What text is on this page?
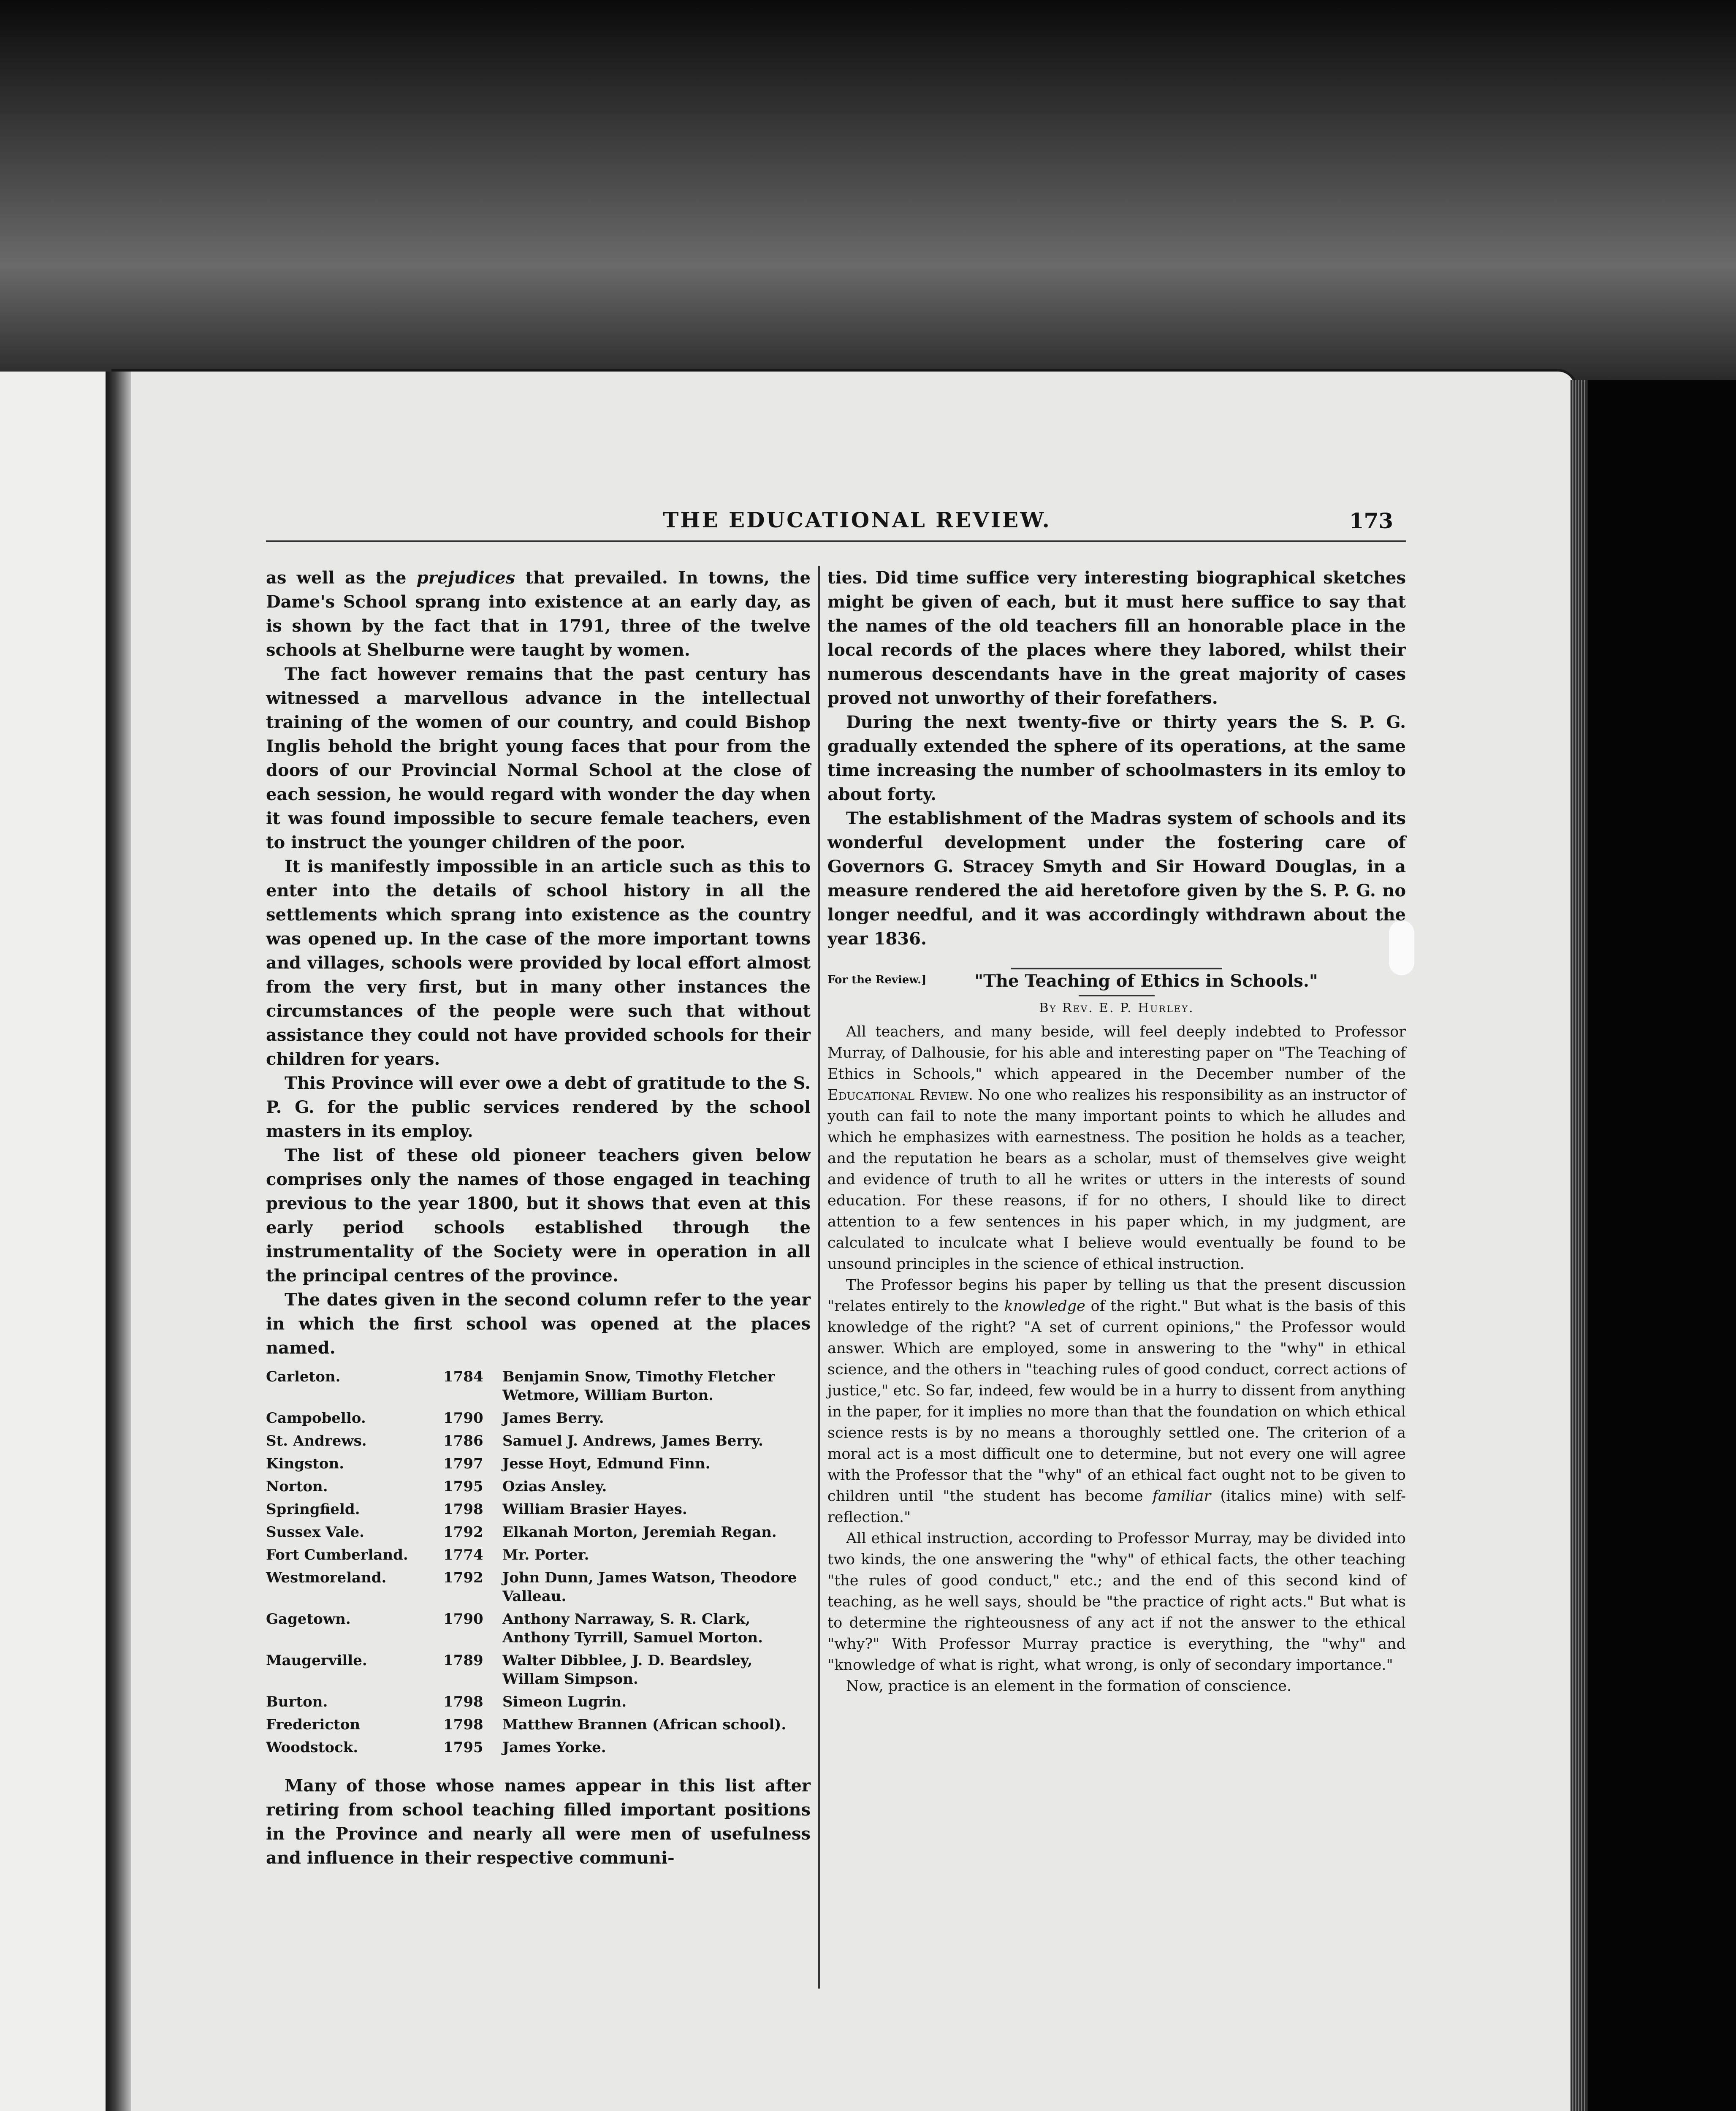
THE EDUCATIONAL REVIEW.	173

as well as the prejudices that prevailed. In towns, the Dame's School sprang into existence at an early day, as is shown by the fact that in 1791, three of the twelve schools at Shelburne were taught by women.

The fact however remains that the past century has witnessed a marvellous advance in the intellectual training of the women of our country, and could Bishop Inglis behold the bright young faces that pour from the doors of our Provincial Normal School at the close of each session, he would regard with wonder the day when it was found impossible to secure female teachers, even to instruct the younger children of the poor.

It is manifestly impossible in an article such as this to enter into the details of school history in all the settlements which sprang into existence as the country was opened up. In the case of the more important towns and villages, schools were provided by local effort almost from the very first, but in many other instances the circumstances of the people were such that without assistance they could not have provided schools for their children for years.

This Province will ever owe a debt of gratitude to the S. P. G. for the public services rendered by the school masters in its employ.

The list of these old pioneer teachers given below comprises only the names of those engaged in teaching previous to the year 1800, but it shows that even at this early period schools established through the instrumentality of the Society were in operation in all the principal centres of the province.

The dates given in the second column refer to the year in which the first school was opened at the places named.

Carleton.	1784	Benjamin Snow, Timothy Fletcher Wetmore, William Burton.
Campobello.	1790	James Berry.
St. Andrews.	1786	Samuel J. Andrews, James Berry.
Kingston.	1797	Jesse Hoyt, Edmund Finn.
Norton.	1795	Ozias Ansley.
Springfield.	1798	William Brasier Hayes.
Sussex Vale.	1792	Elkanah Morton, Jeremiah Regan.
Fort Cumberland.	1774	Mr. Porter.
Westmoreland.	1792	John Dunn, James Watson, Theodore Valleau.
Gagetown.	1790	Anthony Narraway, S. R. Clark, Anthony Tyrrill, Samuel Morton.
Maugerville.	1789	Walter Dibblee, J. D. Beardsley, Willam Simpson.
Burton.	1798	Simeon Lugrin.
Fredericton	1798	Matthew Brannen (African school).
Woodstock.	1795	James Yorke.

Many of those whose names appear in this list after retiring from school teaching filled important positions in the Province and nearly all were men of usefulness and influence in their respective communi-

ties. Did time suffice very interesting biographical sketches might be given of each, but it must here suffice to say that the names of the old teachers fill an honorable place in the local records of the places where they labored, whilst their numerous descendants have in the great majority of cases proved not unworthy of their forefathers.

During the next twenty-five or thirty years the S. P. G. gradually extended the sphere of its operations, at the same time increasing the number of schoolmasters in its emloy to about forty.

The establishment of the Madras system of schools and its wonderful development under the fostering care of Governors G. Stracey Smyth and Sir Howard Douglas, in a measure rendered the aid heretofore given by the S. P. G. no longer needful, and it was accordingly withdrawn about the year 1836.

For the Review.]	"The Teaching of Ethics in Schools."
By Rev. E. P. Hurley.

All teachers, and many beside, will feel deeply indebted to Professor Murray, of Dalhousie, for his able and interesting paper on "The Teaching of Ethics in Schools," which appeared in the December number of the Educational Review. No one who realizes his responsibility as an instructor of youth can fail to note the many important points to which he alludes and which he emphasizes with earnestness. The position he holds as a teacher, and the reputation he bears as a scholar, must of themselves give weight and evidence of truth to all he writes or utters in the interests of sound education. For these reasons, if for no others, I should like to direct attention to a few sentences in his paper which, in my judgment, are calculated to inculcate what I believe would eventually be found to be unsound principles in the science of ethical instruction.

The Professor begins his paper by telling us that the present discussion "relates entirely to the knowledge of the right." But what is the basis of this knowledge of the right? "A set of current opinions," the Professor would answer. Which are employed, some in answering to the "why" in ethical science, and the others in "teaching rules of good conduct, correct actions of justice," etc. So far, indeed, few would be in a hurry to dissent from anything in the paper, for it implies no more than that the foundation on which ethical science rests is by no means a thoroughly settled one. The criterion of a moral act is a most difficult one to determine, but not every one will agree with the Professor that the "why" of an ethical fact ought not to be given to children until "the student has become familiar (italics mine) with self-reflection."

All ethical instruction, according to Professor Murray, may be divided into two kinds, the one answering the "why" of ethical facts, the other teaching "the rules of good conduct," etc.; and the end of this second kind of teaching, as he well says, should be "the practice of right acts." But what is to determine the righteousness of any act if not the answer to the ethical "why?" With Professor Murray practice is everything, the "why" and "knowledge of what is right, what wrong, is only of secondary importance."

Now, practice is an element in the formation of conscience.
